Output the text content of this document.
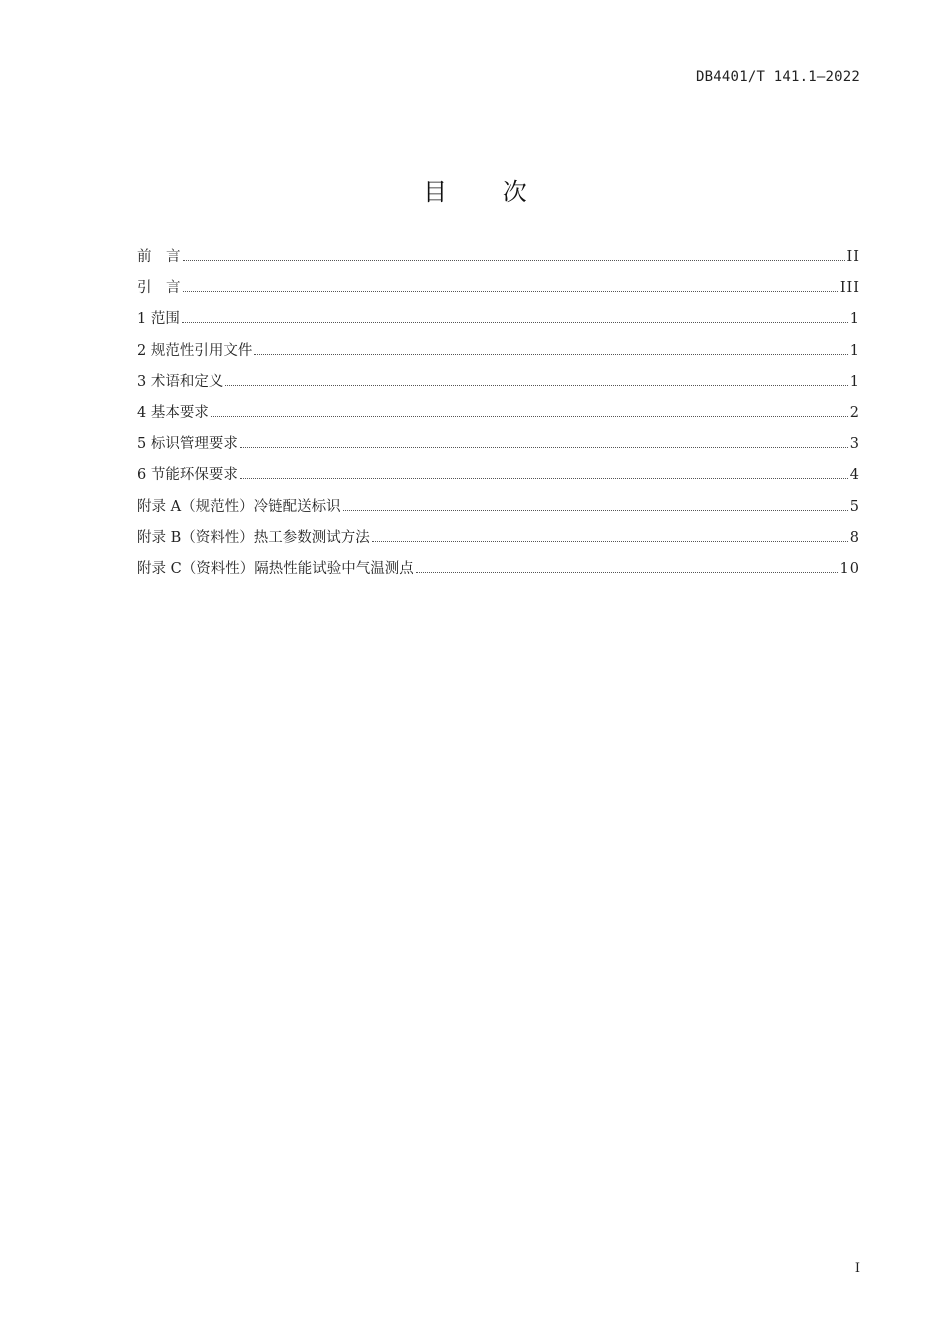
DB4401/T 141.1—2022
目 次
前　言	II
引　言	III
1 范围	1
2 规范性引用文件	1
3 术语和定义	1
4 基本要求	2
5 标识管理要求	3
6 节能环保要求	4
附录 A（规范性）冷链配送标识	5
附录 B（资料性）热工参数测试方法	8
附录 C（资料性）隔热性能试验中气温测点	10
I
